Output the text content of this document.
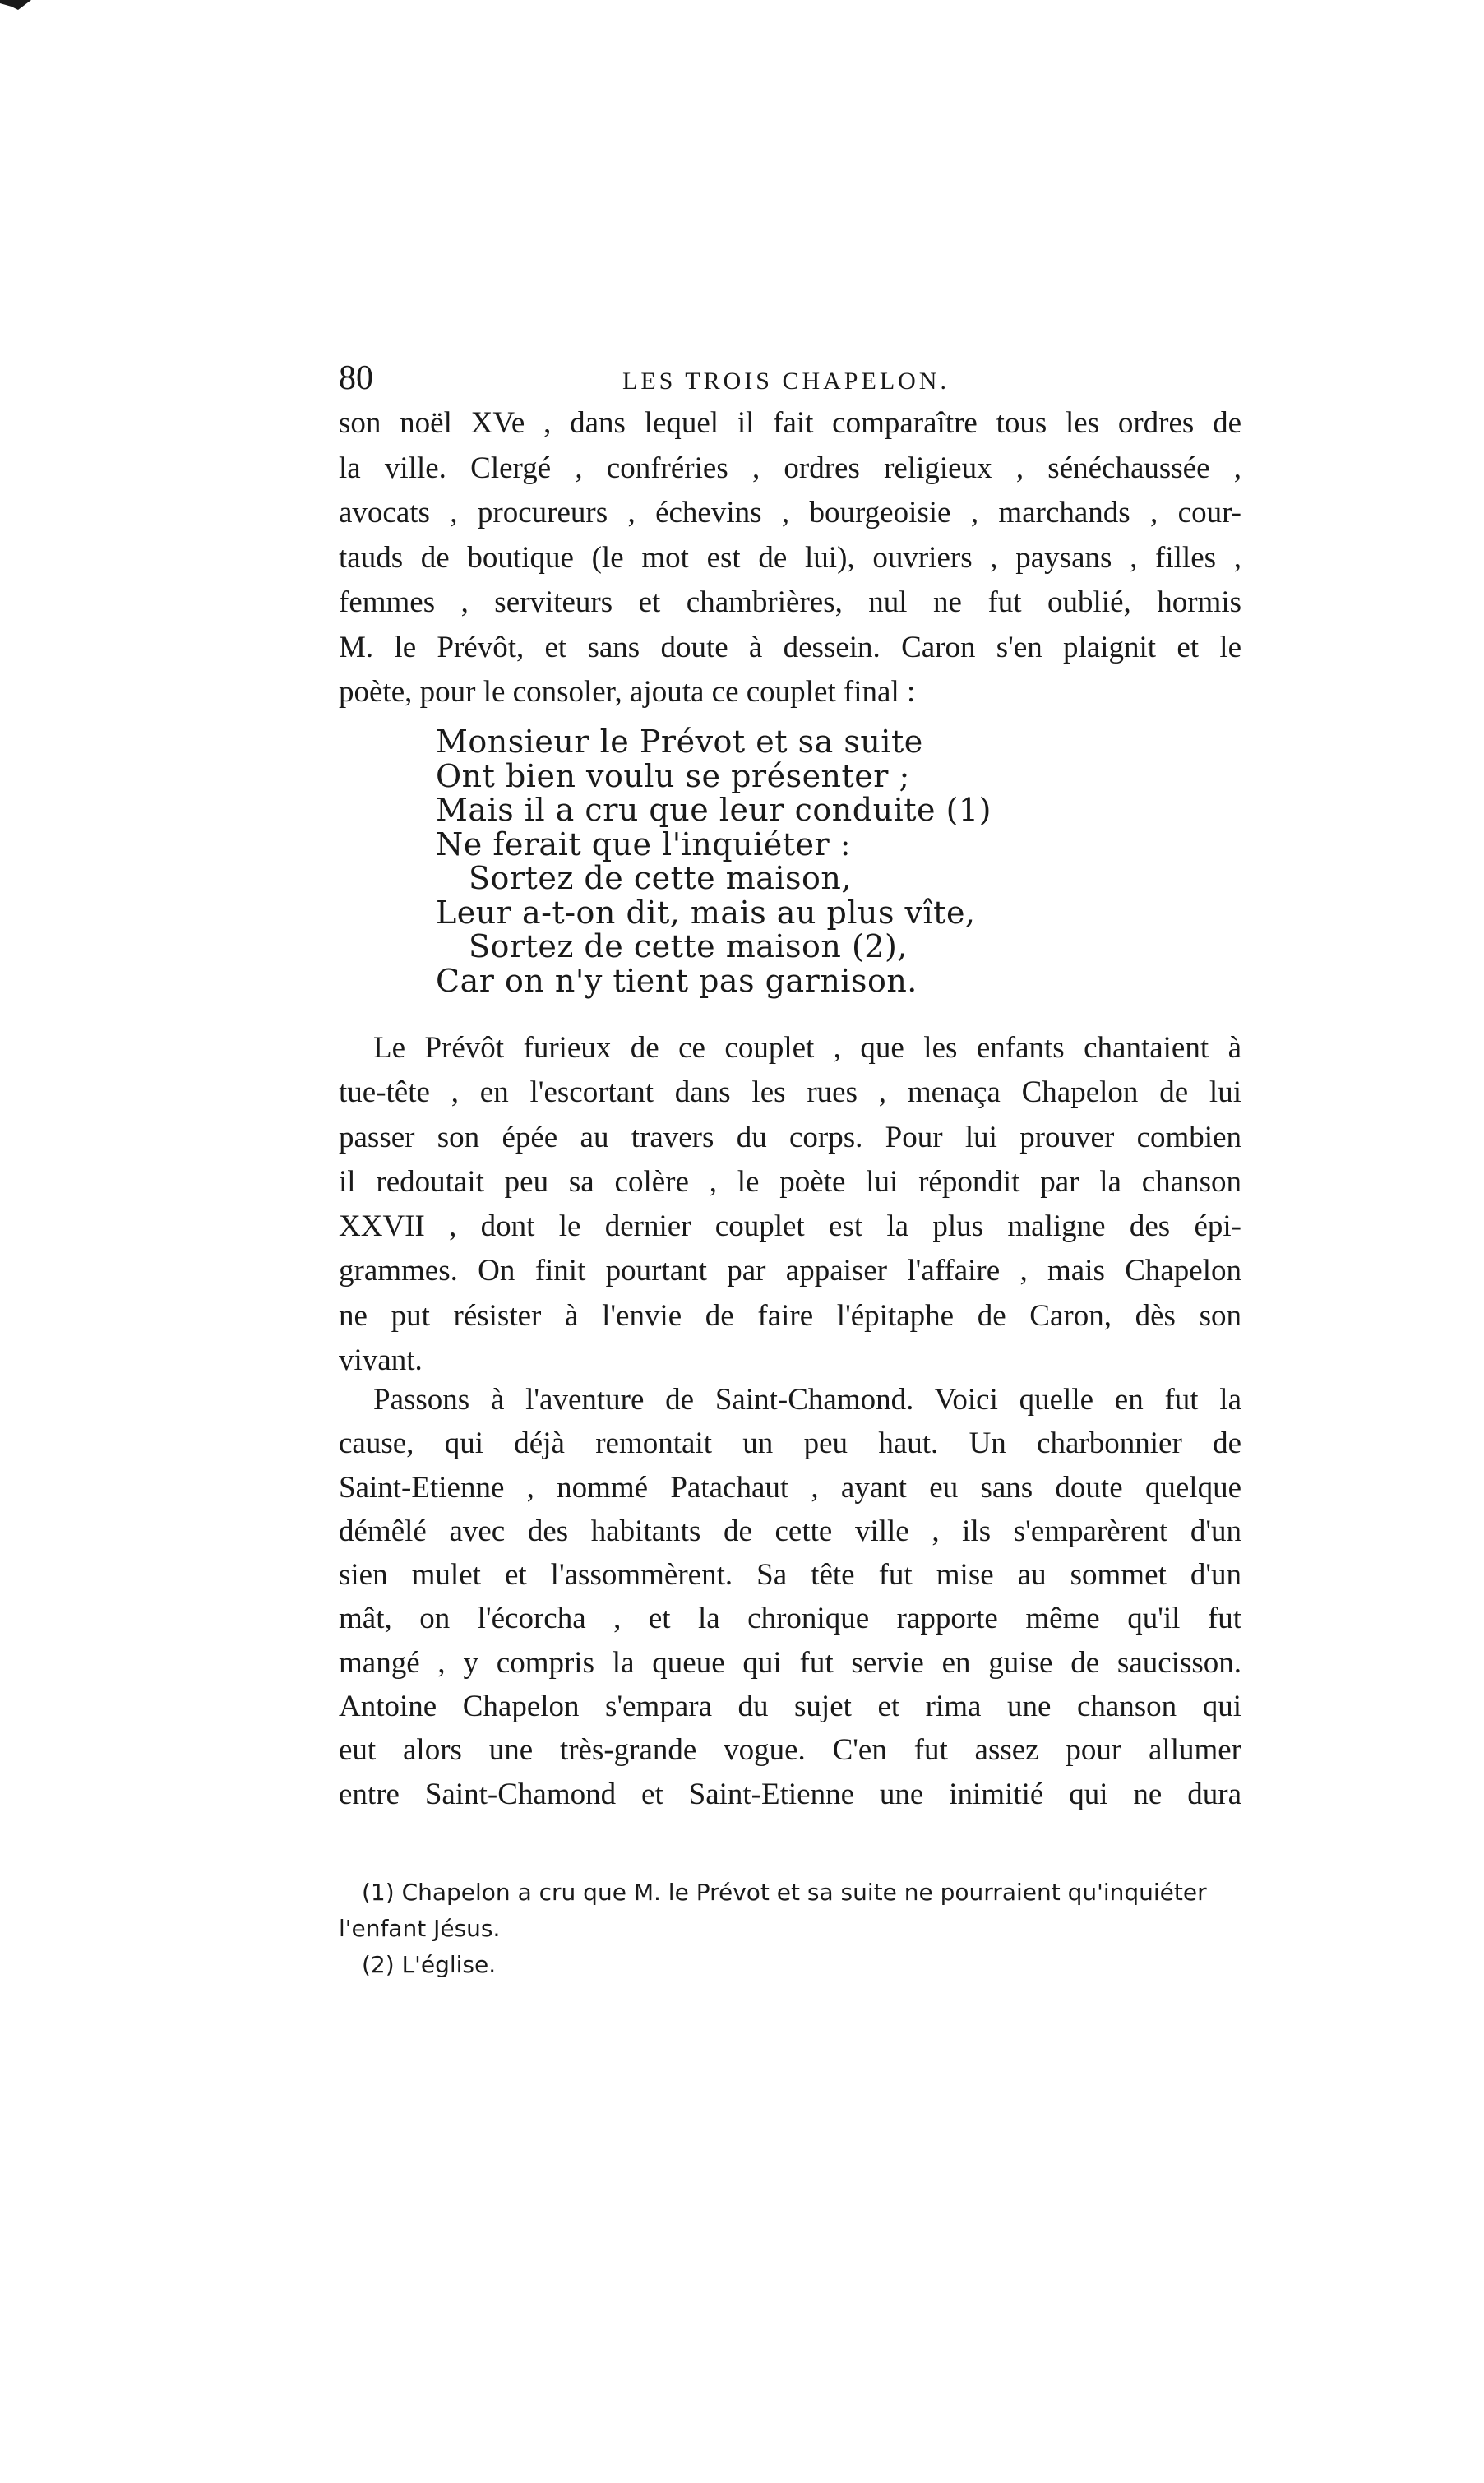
80	LES TROIS CHAPELON.
son noël XVe , dans lequel il fait comparaître tous les ordres de
la ville. Clergé , confréries , ordres religieux , sénéchaussée ,
avocats , procureurs , échevins , bourgeoisie , marchands , cour-
tauds de boutique (le mot est de lui), ouvriers , paysans , filles ,
femmes , serviteurs et chambrières, nul ne fut oublié, hormis
M. le Prévôt, et sans doute à dessein. Caron s'en plaignit et le
poète, pour le consoler, ajouta ce couplet final :
Monsieur le Prévot et sa suite
Ont bien voulu se présenter ;
Mais il a cru que leur conduite (1)
Ne ferait que l'inquiéter :
Sortez de cette maison,
Leur a-t-on dit, mais au plus vîte,
Sortez de cette maison (2),
Car on n'y tient pas garnison.
Le Prévôt furieux de ce couplet , que les enfants chantaient à
tue-tête , en l'escortant dans les rues , menaça Chapelon de lui
passer son épée au travers du corps. Pour lui prouver combien
il redoutait peu sa colère , le poète lui répondit par la chanson
XXVII , dont le dernier couplet est la plus maligne des épi-
grammes. On finit pourtant par appaiser l'affaire , mais Chapelon
ne put résister à l'envie de faire l'épitaphe de Caron, dès son
vivant.
Passons à l'aventure de Saint-Chamond. Voici quelle en fut la
cause, qui déjà remontait un peu haut. Un charbonnier de
Saint-Etienne , nommé Patachaut , ayant eu sans doute quelque
démêlé avec des habitants de cette ville , ils s'emparèrent d'un
sien mulet et l'assommèrent. Sa tête fut mise au sommet d'un
mât, on l'écorcha , et la chronique rapporte même qu'il fut
mangé , y compris la queue qui fut servie en guise de saucisson.
Antoine Chapelon s'empara du sujet et rima une chanson qui
eut alors une très-grande vogue. C'en fut assez pour allumer
entre Saint-Chamond et Saint-Etienne une inimitié qui ne dura
(1) Chapelon a cru que M. le Prévot et sa suite ne pourraient qu'inquiéter
l'enfant Jésus.
(2) L'église.
